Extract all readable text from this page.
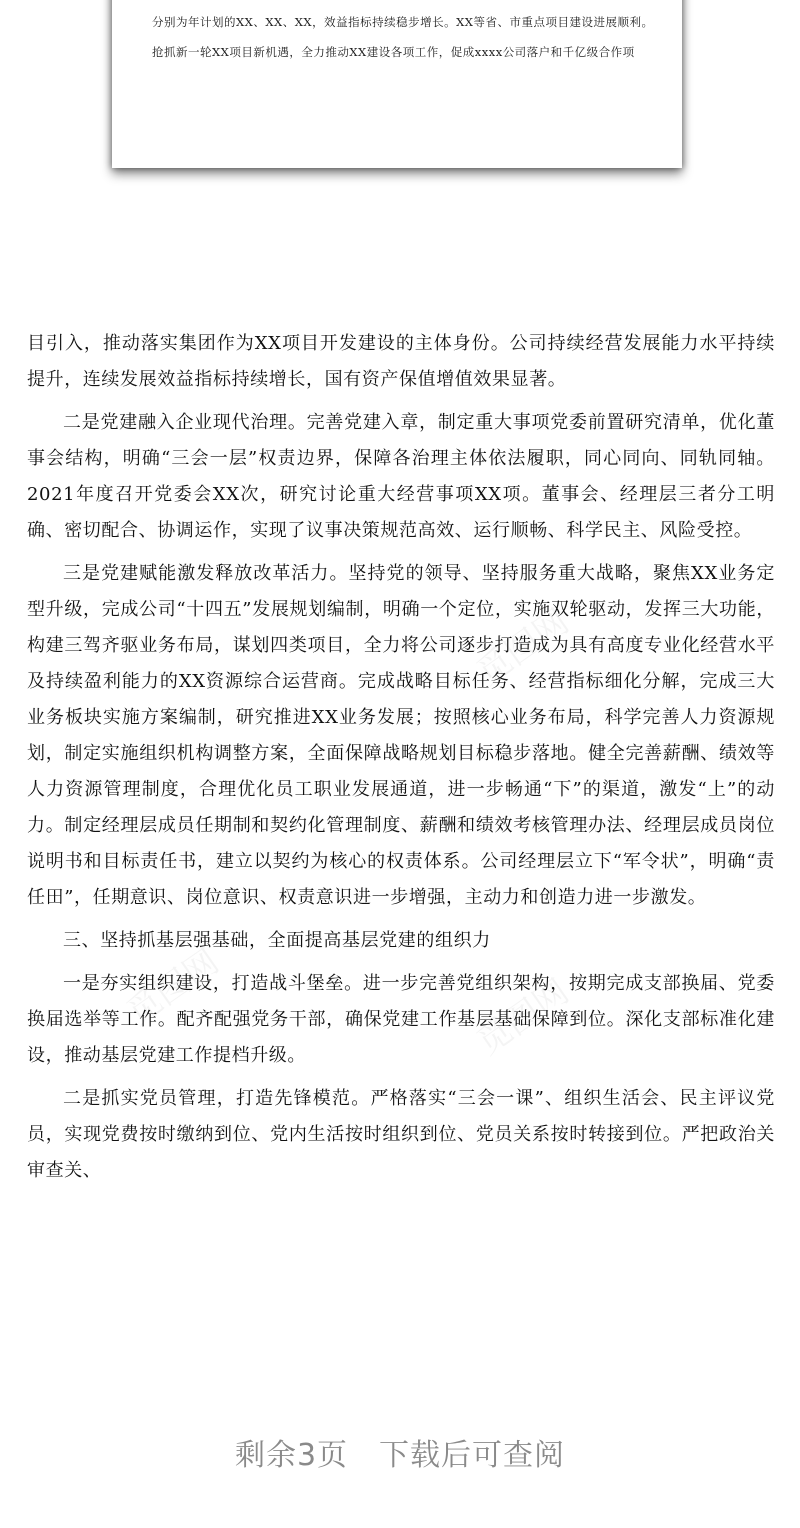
分别为年计划的XX、XX、XX，效益指标持续稳步增长。XX等省、市重点项目建设进展顺利。

抢抓新一轮XX项目新机遇，全力推动XX建设各项工作，促成xxxx公司落户和千亿级合作项

目引入，推动落实集团作为XX项目开发建设的主体身份。公司持续经营发展能力水平持续提升，连续发展效益指标持续增长，国有资产保值增值效果显著。

二是党建融入企业现代治理。完善党建入章，制定重大事项党委前置研究清单，优化董事会结构，明确“三会一层”权责边界，保障各治理主体依法履职，同心同向、同轨同轴。2021年度召开党委会XX次，研究讨论重大经营事项XX项。董事会、经理层三者分工明确、密切配合、协调运作，实现了议事决策规范高效、运行顺畅、科学民主、风险受控。

三是党建赋能激发释放改革活力。坚持党的领导、坚持服务重大战略，聚焦XX业务定型升级，完成公司“十四五”发展规划编制，明确一个定位，实施双轮驱动，发挥三大功能，构建三驾齐驱业务布局，谋划四类项目，全力将公司逐步打造成为具有高度专业化经营水平及持续盈利能力的XX资源综合运营商。完成战略目标任务、经营指标细化分解，完成三大业务板块实施方案编制，研究推进XX业务发展；按照核心业务布局，科学完善人力资源规划，制定实施组织机构调整方案，全面保障战略规划目标稳步落地。健全完善薪酬、绩效等人力资源管理制度，合理优化员工职业发展通道，进一步畅通“下”的渠道，激发“上”的动力。制定经理层成员任期制和契约化管理制度、薪酬和绩效考核管理办法、经理层成员岗位说明书和目标责任书，建立以契约为核心的权责体系。公司经理层立下“军令状”，明确“责任田”，任期意识、岗位意识、权责意识进一步增强，主动力和创造力进一步激发。

三、坚持抓基层强基础，全面提高基层党建的组织力

一是夯实组织建设，打造战斗堡垒。进一步完善党组织架构，按期完成支部换届、党委换届选举等工作。配齐配强党务干部，确保党建工作基层基础保障到位。深化支部标准化建设，推动基层党建工作提档升级。

二是抓实党员管理，打造先锋模范。严格落实“三会一课”、组织生活会、民主评议党员，实现党费按时缴纳到位、党内生活按时组织到位、党员关系按时转接到位。严把政治关审查关、

剩余3页　下载后可查阅
